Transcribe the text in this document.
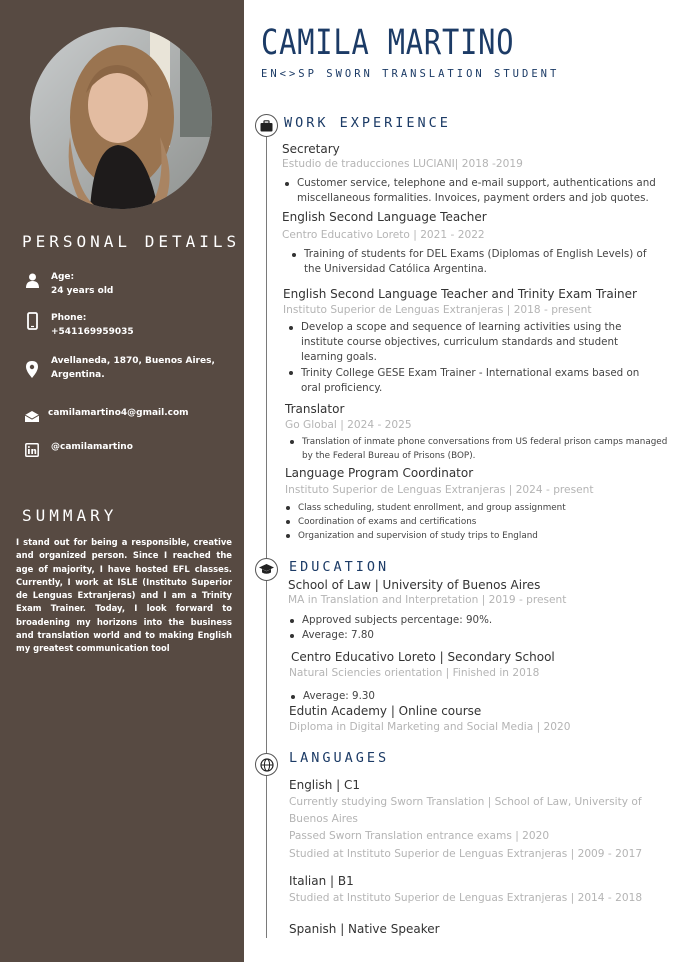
PERSONAL DETAILS
Age:
24 years old
Phone:
+541169959035
Avellaneda, 1870, Buenos Aires,
Argentina.
camilamartino4@gmail.com
@camilamartino
SUMMARY
I stand out for being a responsible, creative and organized person. Since I reached the age of majority, I have hosted EFL classes. Currently, I work at ISLE (Instituto Superior de Lenguas Extranjeras) and I am a Trinity Exam Trainer. Today, I look forward to broadening my horizons into the business and translation world and to making English my greatest communication tool
CAMILA MARTINO
EN<>SP SWORN TRANSLATION STUDENT
WORK EXPERIENCE
Secretary
Estudio de traducciones LUCIANI| 2018 -2019
Customer service, telephone and e-mail support, authentications and miscellaneous formalities. Invoices, payment orders and job quotes.
English Second Language Teacher
Centro Educativo Loreto | 2021 - 2022
Training of students for DEL Exams (Diplomas of English Levels) of the Universidad Católica Argentina.
English Second Language Teacher and Trinity Exam Trainer
Instituto Superior de Lenguas Extranjeras | 2018 - present
Develop a scope and sequence of learning activities using the institute course objectives, curriculum standards and student learning goals.
Trinity College GESE Exam Trainer - International exams based on oral proficiency.
Translator
Go Global | 2024 - 2025
Translation of inmate phone conversations from US federal prison camps managed by the Federal Bureau of Prisons (BOP).
Language Program Coordinator
Instituto Superior de Lenguas Extranjeras | 2024 - present
Class scheduling, student enrollment, and group assignment
Coordination of exams and certifications
Organization and supervision of study trips to England
EDUCATION
School of Law | University of Buenos Aires
MA in Translation and Interpretation | 2019 - present
Approved subjects percentage: 90%.
Average: 7.80
Centro Educativo Loreto | Secondary School
Natural Sciencies orientation | Finished in 2018
Average: 9.30
Edutin Academy | Online course
Diploma in Digital Marketing and Social Media | 2020
LANGUAGES
English | C1
Currently studying Sworn Translation | School of Law, University of Buenos Aires
Passed Sworn Translation entrance exams | 2020
Studied at Instituto Superior de Lenguas Extranjeras | 2009 - 2017
Italian | B1
Studied at Instituto Superior de Lenguas Extranjeras | 2014 - 2018
Spanish | Native Speaker
